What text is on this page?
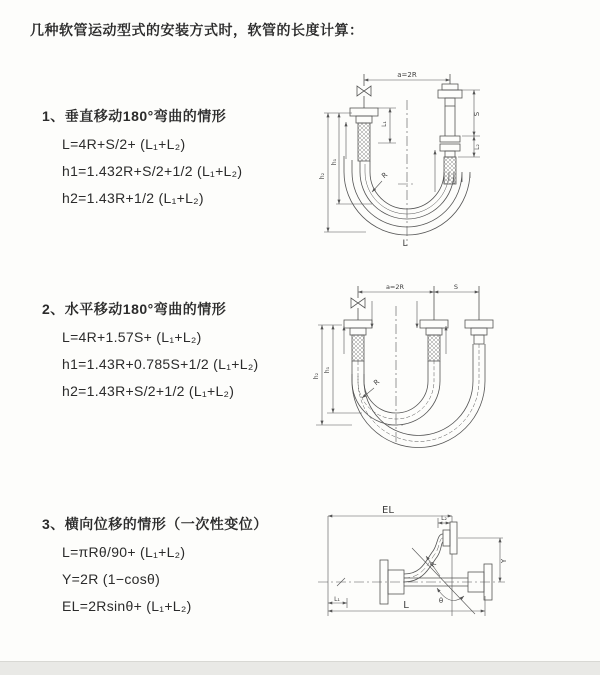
几种软管运动型式的安装方式时，软管的长度计算：
1、垂直移动180°弯曲的情形
L=4R+S/2+ (L₁+L₂)
h1=1.432R+S/2+1/2 (L₁+L₂)
h2=1.43R+1/2 (L₁+L₂)
2、水平移动180°弯曲的情形
L=4R+1.57S+ (L₁+L₂)
h1=1.43R+0.785S+1/2 (L₁+L₂)
h2=1.43R+S/2+1/2 (L₁+L₂)
3、横向位移的情形（一次性变位）
L=πRθ/90+ (L₁+L₂)
Y=2R (1−cosθ)
EL=2Rsinθ+ (L₁+L₂)
a=2R
h₂
h₁
L₁
S
L₂
R
L
a=2R	S
h₂
h₁
R
EL
L₂
Y
R
θ
L₁
L
